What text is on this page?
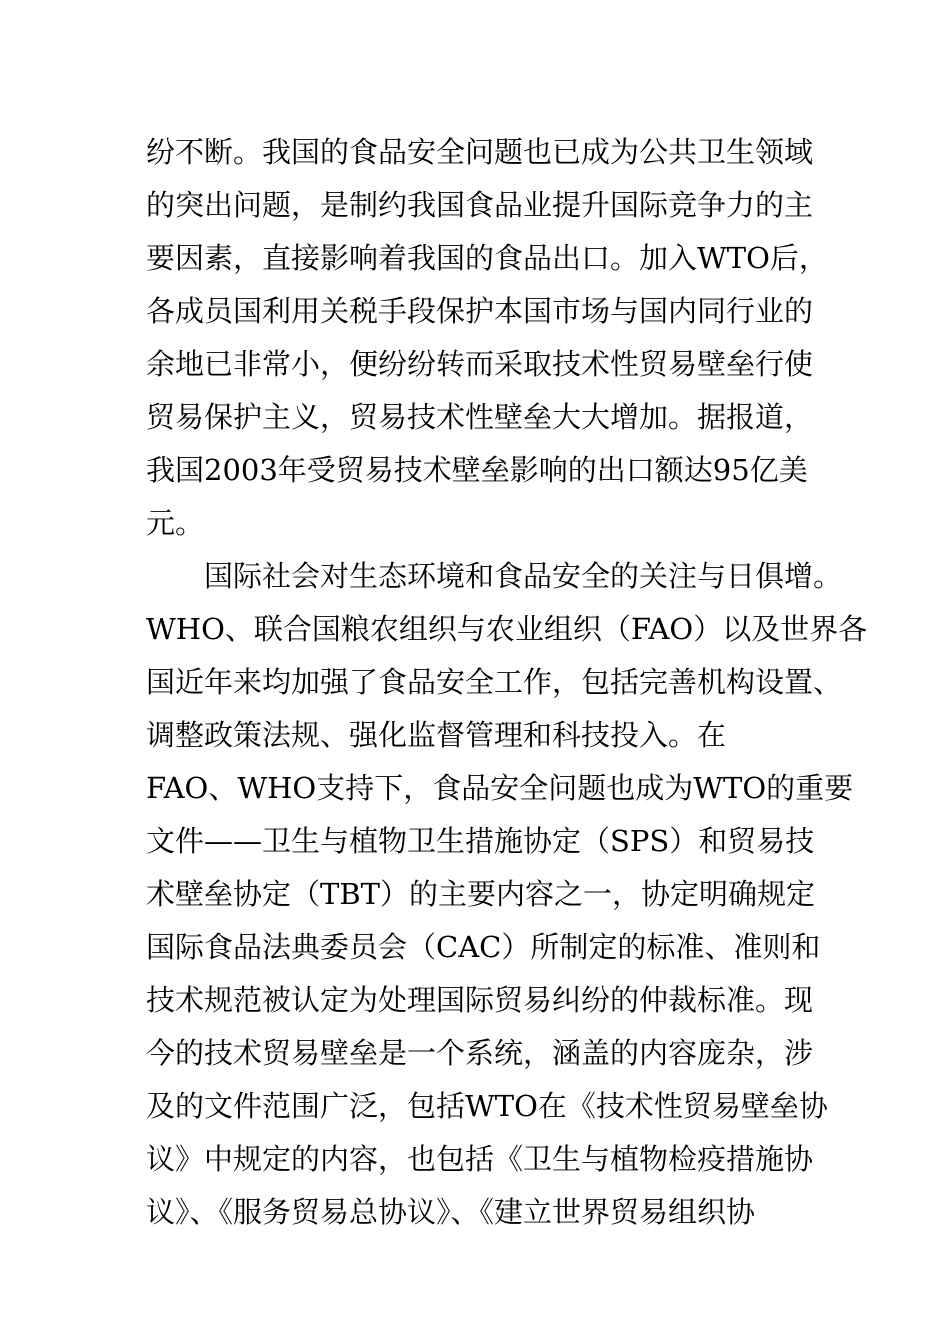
纷不断。我国的食品安全问题也已成为公共卫生领域
的突出问题，是制约我国食品业提升国际竞争力的主
要因素，直接影响着我国的食品出口。加入WTO后，
各成员国利用关税手段保护本国市场与国内同行业的
余地已非常小，便纷纷转而采取技术性贸易壁垒行使
贸易保护主义，贸易技术性壁垒大大增加。据报道，
我国2003年受贸易技术壁垒影响的出口额达95亿美
元。
国际社会对生态环境和食品安全的关注与日俱增。
WHO、联合国粮农组织与农业组织（FAO）以及世界各
国近年来均加强了食品安全工作，包括完善机构设置、
调整政策法规、强化监督管理和科技投入。在
FAO、WHO支持下，食品安全问题也成为WTO的重要
文件——卫生与植物卫生措施协定（SPS）和贸易技
术壁垒协定（TBT）的主要内容之一，协定明确规定
国际食品法典委员会（CAC）所制定的标准、准则和
技术规范被认定为处理国际贸易纠纷的仲裁标准。现
今的技术贸易壁垒是一个系统，涵盖的内容庞杂，涉
及的文件范围广泛，包括WTO在《技术性贸易壁垒协
议》中规定的内容，也包括《卫生与植物检疫措施协
议》、《服务贸易总协议》、《建立世界贸易组织协
